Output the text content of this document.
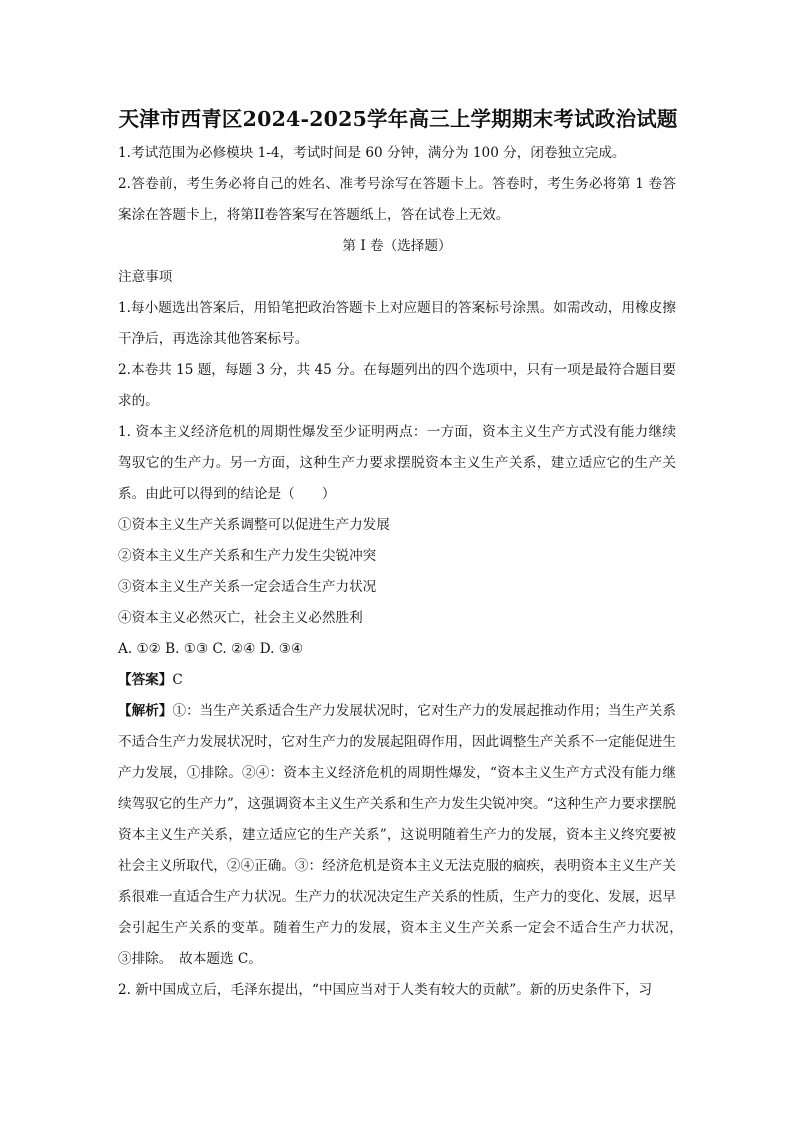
天津市西青区2024-2025学年高三上学期期末考试政治试题

1.考试范围为必修模块 1-4，考试时间是 60 分钟，满分为 100 分，闭卷独立完成。

2.答卷前，考生务必将自己的姓名、准考号涂写在答题卡上。答卷时，考生务必将第 1 卷答案涂在答题卡上，将第II卷答案写在答题纸上，答在试卷上无效。

第 I 卷（选择题）

注意事项

1.每小题选出答案后，用铅笔把政治答题卡上对应题目的答案标号涂黑。如需改动，用橡皮擦干净后，再选涂其他答案标号。

2.本卷共 15 题，每题 3 分，共 45 分。在每题列出的四个选项中，只有一项是最符合题目要求的。

1. 资本主义经济危机的周期性爆发至少证明两点：一方面，资本主义生产方式没有能力继续驾驭它的生产力。另一方面，这种生产力要求摆脱资本主义生产关系，建立适应它的生产关系。由此可以得到的结论是（　　）

①资本主义生产关系调整可以促进生产力发展

②资本主义生产关系和生产力发生尖锐冲突

③资本主义生产关系一定会适合生产力状况

④资本主义必然灭亡，社会主义必然胜利

A. ①② B. ①③ C. ②④ D. ③④

【答案】C

【解析】①：当生产关系适合生产力发展状况时，它对生产力的发展起推动作用；当生产关系不适合生产力发展状况时，它对生产力的发展起阻碍作用，因此调整生产关系不一定能促进生产力发展，①排除。②④：资本主义经济危机的周期性爆发，“资本主义生产方式没有能力继续驾驭它的生产力”，这强调资本主义生产关系和生产力发生尖锐冲突。“这种生产力要求摆脱资本主义生产关系，建立适应它的生产关系”，这说明随着生产力的发展，资本主义终究要被社会主义所取代，②④正确。③：经济危机是资本主义无法克服的痼疾，表明资本主义生产关系很难一直适合生产力状况。生产力的状况决定生产关系的性质，生产力的变化、发展，迟早会引起生产关系的变革。随着生产力的发展，资本主义生产关系一定会不适合生产力状况，　③排除。　故本题选 C。

2. 新中国成立后，毛泽东提出，“中国应当对于人类有较大的贡献”。新的历史条件下，习
